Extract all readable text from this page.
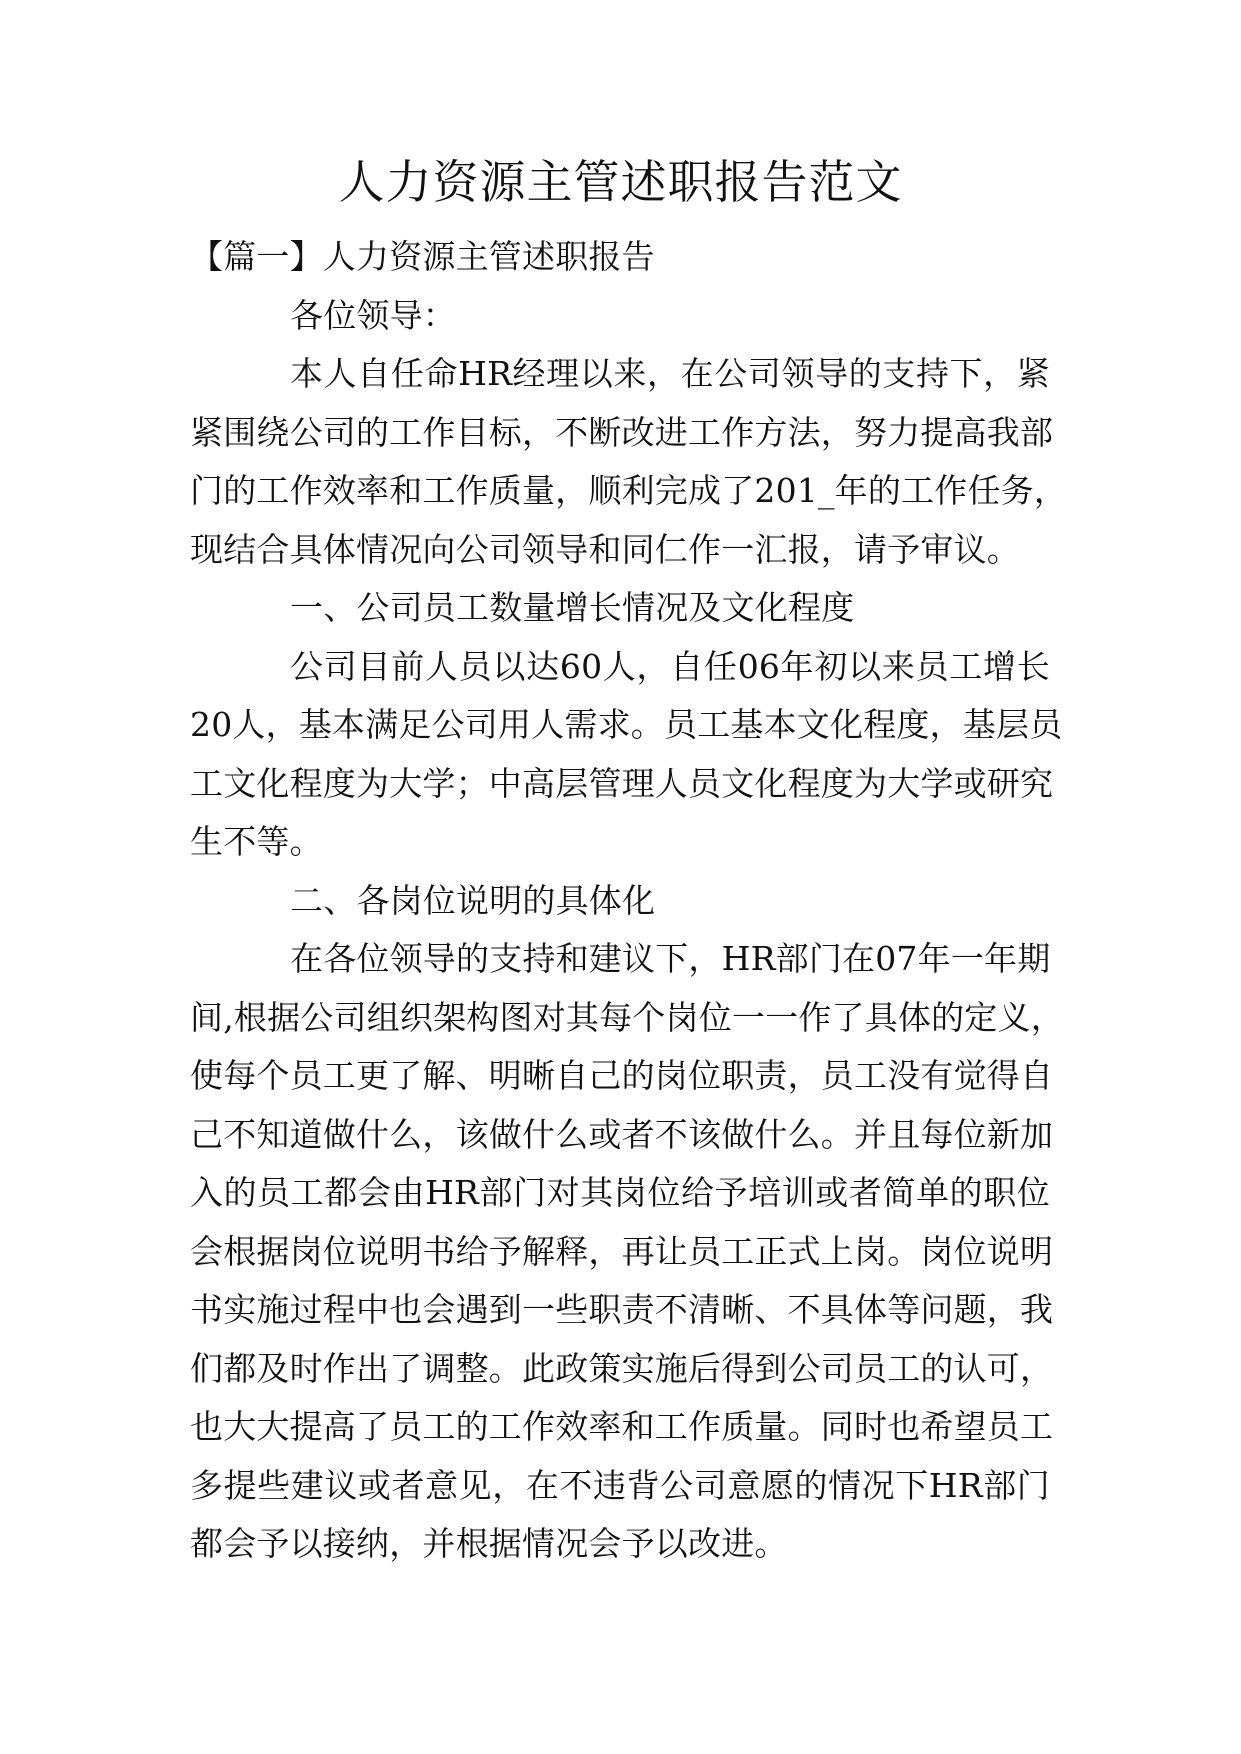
人力资源主管述职报告范文
【篇一】人力资源主管述职报告
各位领导：
本人自任命HR经理以来，在公司领导的支持下，紧
紧围绕公司的工作目标，不断改进工作方法，努力提高我部
门的工作效率和工作质量，顺利完成了201_年的工作任务，
现结合具体情况向公司领导和同仁作一汇报，请予审议。
一、公司员工数量增长情况及文化程度
公司目前人员以达60人，自任06年初以来员工增长
20人，基本满足公司用人需求。员工基本文化程度，基层员
工文化程度为大学；中高层管理人员文化程度为大学或研究
生不等。
二、各岗位说明的具体化
在各位领导的支持和建议下，HR部门在07年一年期
间,根据公司组织架构图对其每个岗位一一作了具体的定义，
使每个员工更了解、明晰自己的岗位职责，员工没有觉得自
己不知道做什么，该做什么或者不该做什么。并且每位新加
入的员工都会由HR部门对其岗位给予培训或者简单的职位
会根据岗位说明书给予解释，再让员工正式上岗。岗位说明
书实施过程中也会遇到一些职责不清晰、不具体等问题，我
们都及时作出了调整。此政策实施后得到公司员工的认可，
也大大提高了员工的工作效率和工作质量。同时也希望员工
多提些建议或者意见，在不违背公司意愿的情况下HR部门
都会予以接纳，并根据情况会予以改进。
